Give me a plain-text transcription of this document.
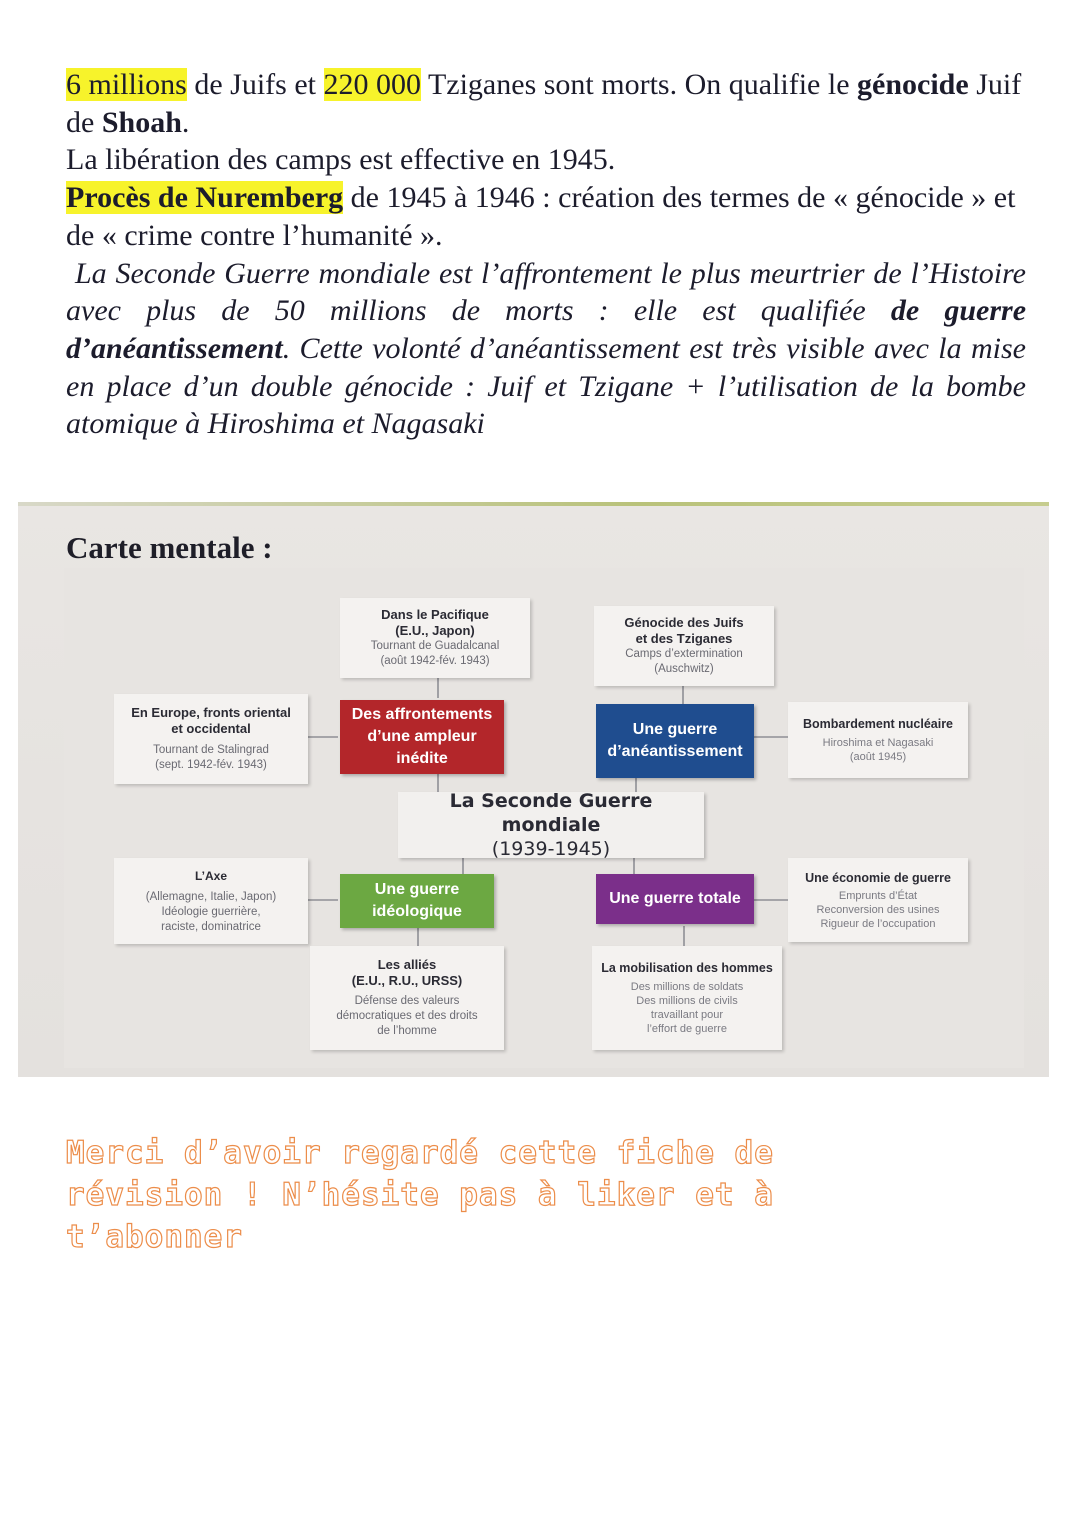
6 millions de Juifs et 220 000 Tziganes sont morts. On qualifie le génocide Juif de Shoah.

La libération des camps est effective en 1945.

Procès de Nuremberg de 1945 à 1946 : création des termes de « génocide » et de « crime contre l’humanité ».

La Seconde Guerre mondiale est l’affrontement le plus meurtrier de l’Histoire avec plus de 50 millions de morts : elle est qualifiée de guerre d’anéantissement. Cette volonté d’anéantissement est très visible avec la mise en place d’un double génocide : Juif et Tzigane + l’utilisation de la bombe atomique à Hiroshima et Nagasaki

Carte mentale :
Dans le Pacifique
(E.U., Japon)
Tournant de Guadalcanal
(août 1942-fév. 1943)
Génocide des Juifs
et des Tziganes
Camps d’extermination
(Auschwitz)
En Europe, fronts oriental
et occidental
Tournant de Stalingrad
(sept. 1942-fév. 1943)
Des affrontements
d’une ampleur
inédite
Une guerre
d’anéantissement
Bombardement nucléaire
Hiroshima et Nagasaki
(août 1945)
La Seconde Guerre mondiale
(1939-1945)
L’Axe
(Allemagne, Italie, Japon)
Idéologie guerrière,
raciste, dominatrice
Une guerre
idéologique
Une guerre totale
Une économie de guerre
Emprunts d’État
Reconversion des usines
Rigueur de l’occupation
Les alliés
(E.U., R.U., URSS)
Défense des valeurs
démocratiques et des droits
de l’homme
La mobilisation des hommes
Des millions de soldats
Des millions de civils
travaillant pour
l’effort de guerre
Merci d’avoir regardé cette fiche de révision ! N’hésite pas à liker et à t’abonner
